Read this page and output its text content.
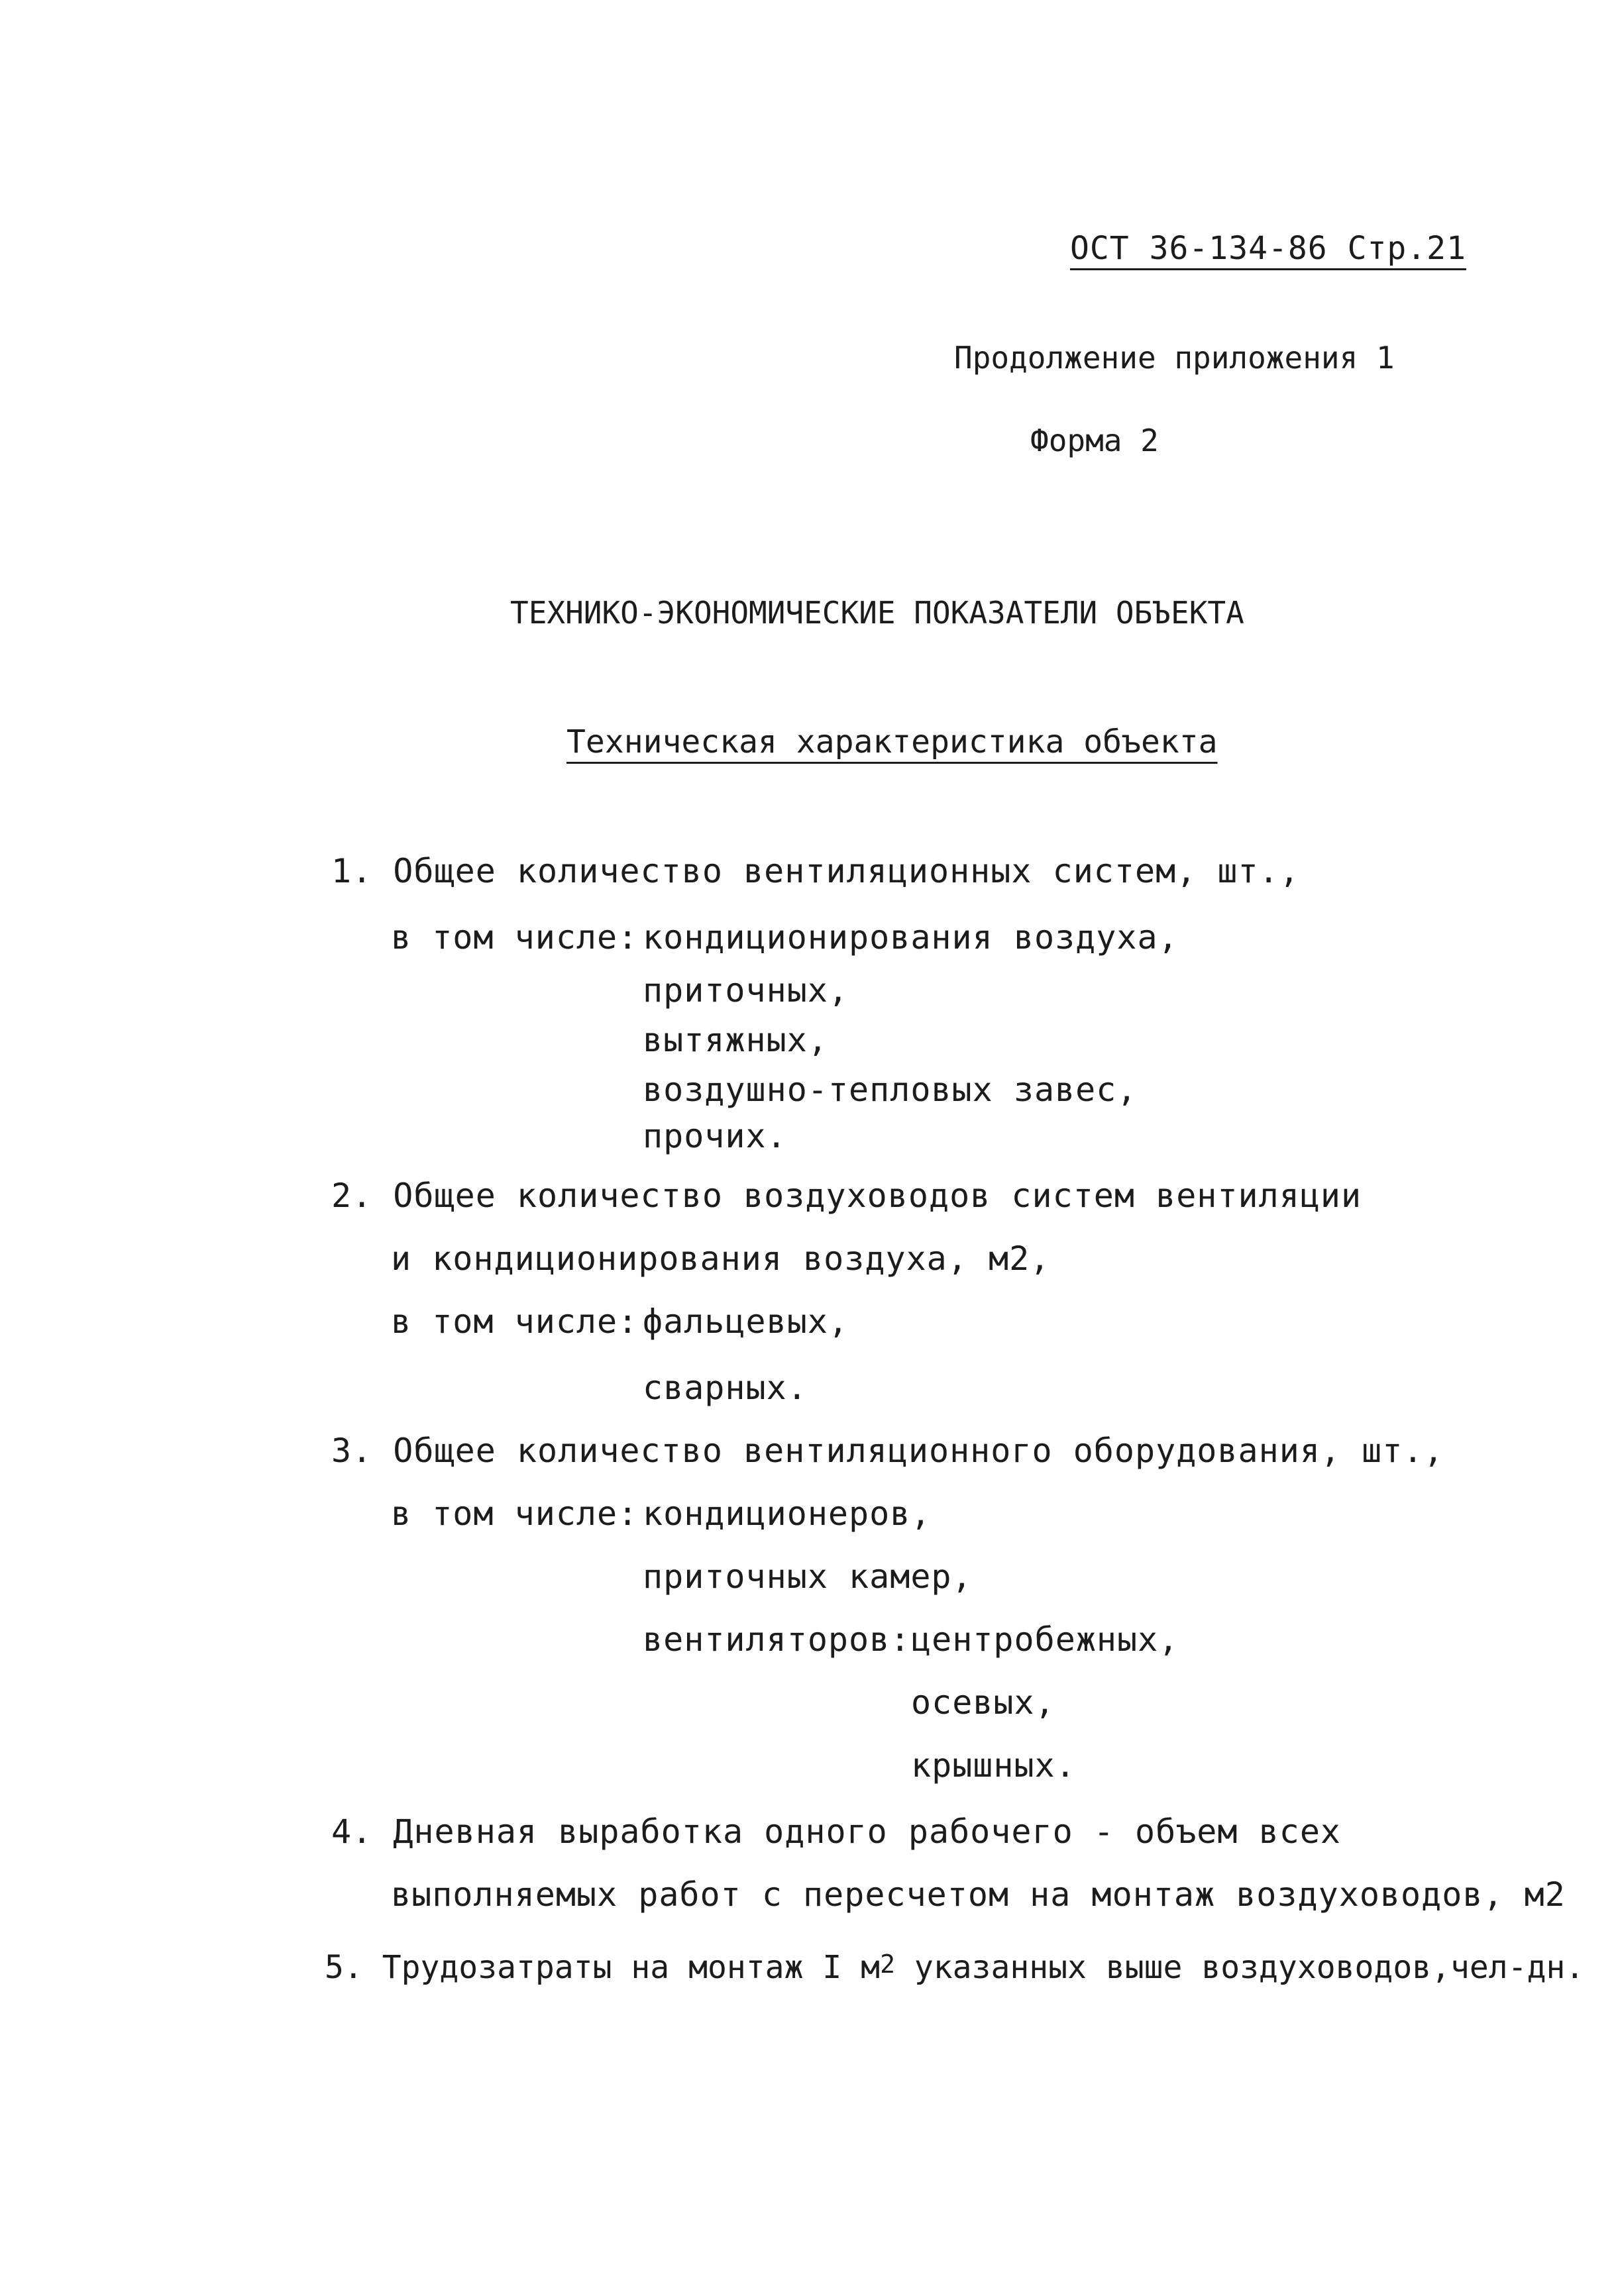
ОСТ 36-134-86 Стр.21
Продолжение приложения 1
Форма 2
ТЕХНИКО-ЭКОНОМИЧЕСКИЕ ПОКАЗАТЕЛИ ОБЪЕКТА
Техническая характеристика объекта
1. Общее количество вентиляционных систем, шт.,
в том числе: кондиционирования воздуха,
приточных,
вытяжных,
воздушно-тепловых завес,
прочих.
2. Общее количество воздуховодов систем вентиляции
и кондиционирования воздуха, м2,
в том числе: фальцевых,
сварных.
3. Общее количество вентиляционного оборудования, шт.,
в том числе: кондиционеров,
приточных камер,
вентиляторов: центробежных,
осевых,
крышных.
4. Дневная выработка одного рабочего - объем всех
выполняемых работ с пересчетом на монтаж воздуховодов, м2
5. Трудозатраты на монтаж I $м^2$ указанных выше воздуховодов,чел-дн.
